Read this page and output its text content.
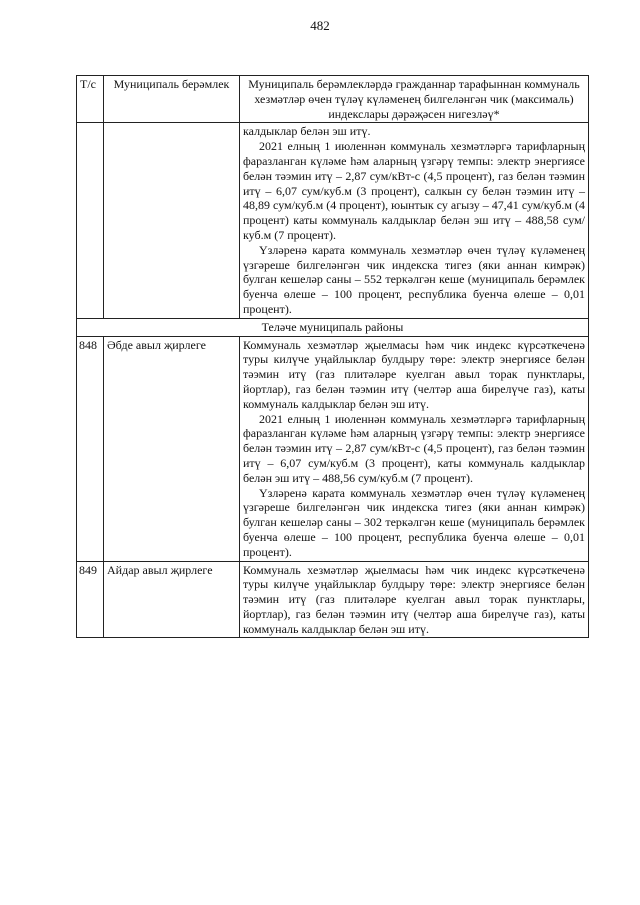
482
Т/с	Муниципаль берәмлек	Муниципаль берәмлекләрдә гражданнар тарафыннан коммуналь хезмәтләр өчен түләү күләменең билгеләнгән чик (максималь) индекслары дәрәҗәсен нигезләү*

		калдыклар белән эш итү.

2021 елның 1 июленнән коммуналь хезмәтләргә тарифларның фаразланган күләме һәм аларның үзгәрү темпы: электр энергиясе белән тәэмин итү – 2,87 сум/кВт-с (4,5 процент), газ белән тәэмин итү – 6,07 сум/куб.м (3 процент), салкын су белән тәэмин итү – 48,89 сум/куб.м (4 процент), юынтык су агызу – 47,41 сум/куб.м (4 процент) каты коммуналь калдыклар белән эш итү – 488,58 сум/куб.м (7 процент).

Үзләренә карата коммуналь хезмәтләр өчен түләү күләменең үзгәреше билгеләнгән чик индекска тигез (яки аннан кимрәк) булган кешеләр саны – 552 теркәлгән кеше (муниципаль берәмлек буенча өлеше – 100 процент, республика буенча өлеше – 0,01 процент).

Теләче муниципаль районы		
848	Әбде авыл җирлеге	Коммуналь хезмәтләр җыелмасы һәм чик индекс күрсәткеченә туры килүче уңайлыклар булдыру төре: электр энергиясе белән тәэмин итү (газ плитәләре куелган авыл торак пунктлары, йортлар), газ белән тәэмин итү (челтәр аша бирелүче газ), каты коммуналь калдыклар белән эш итү.

2021 елның 1 июленнән коммуналь хезмәтләргә тарифларның фаразланган күләме һәм аларның үзгәрү темпы: электр энергиясе белән тәэмин итү – 2,87 сум/кВт-с (4,5 процент), газ белән тәэмин итү – 6,07 сум/куб.м (3 процент), каты коммуналь калдыклар белән эш итү – 488,56 сум/куб.м (7 процент).

Үзләренә карата коммуналь хезмәтләр өчен түләү күләменең үзгәреше билгеләнгән чик индекска тигез (яки аннан кимрәк) булган кешеләр саны – 302 теркәлгән кеше (муниципаль берәмлек буенча өлеше – 100 процент, республика буенча өлеше – 0,01 процент).

849	Айдар авыл җирлеге	Коммуналь хезмәтләр җыелмасы һәм чик индекс күрсәткеченә туры килүче уңайлыклар булдыру төре: электр энергиясе белән тәэмин итү (газ плитәләре куелган авыл торак пунктлары, йортлар), газ белән тәэмин итү (челтәр аша бирелүче газ), каты коммуналь калдыклар белән эш итү.
